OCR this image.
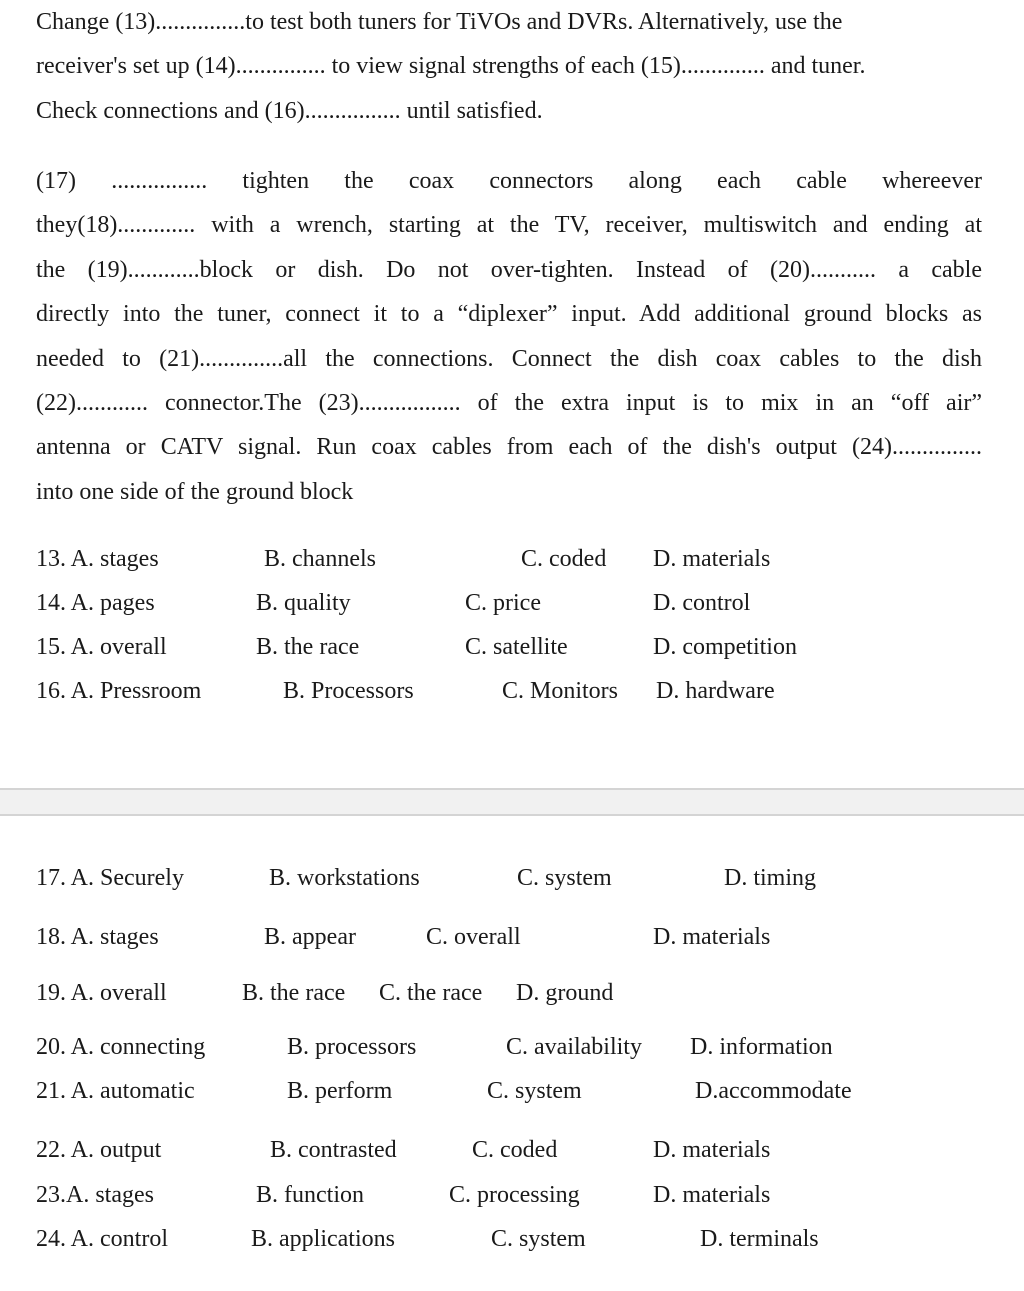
Change (13)...............to test both tuners for TiVOs and DVRs. Alternatively, use the
receiver's set up (14)............... to view signal strengths of each (15).............. and tuner.
Check connections and (16)................ until satisfied.
(17) ................ tighten the coax connectors along each cable whereever
they(18)............. with a wrench, starting at the TV, receiver, multiswitch and ending at
the (19)............block or dish. Do not over-tighten. Instead of (20)........... a cable
directly into the tuner, connect it to a “diplexer” input. Add additional ground blocks as
needed to (21)..............all the connections. Connect the dish coax cables to the dish
(22)............ connector.The (23)................. of the extra input is to mix in an “off air”
antenna or CATV signal. Run coax cables from each of the dish's output (24)...............
into one side of the ground block
13. A. stages	B. channels	C. coded D. materials
14. A. pages	B. quality	C. price	D. control
15. A. overall	B. the race	C. satellite	D. competition
16. A. Pressroom	B. Processors	C. Monitors D. hardware
17. A. Securely	B. workstations	C. system	D. timing
18. A. stages	B. appear	C. overall	D. materials
19. A. overall	B. the race C. the race D. ground
20. A. connecting	B. processors	C. availability D. information
21. A. automatic	B. perform	C. system	D.accommodate
22. A. output	B. contrasted	C. coded	D. materials
23.A. stages	B. function	C. processing	D. materials
24. A. control	B. applications	C. system	D. terminals
